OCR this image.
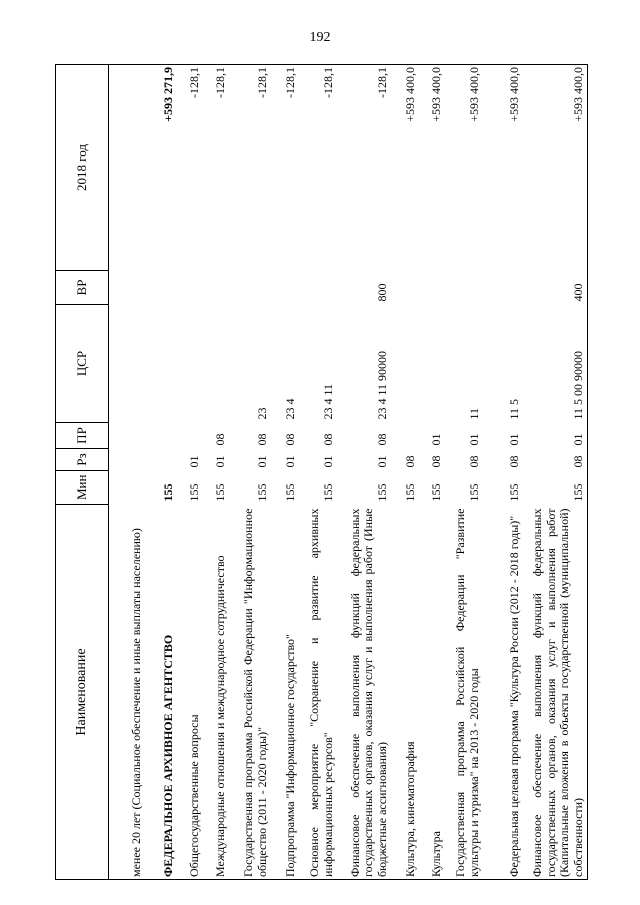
192
Наименование	Мин	Рз	ПР	ЦСР	ВР	2018 год
менее 20 лет (Социальное обеспечение и иные выплаты населению)						
ФЕДЕРАЛЬНОЕ АРХИВНОЕ АГЕНТСТВО	155					+593 271,9
Общегосударственные вопросы	155	01				-128,1
Международные отношения и международное сотрудничество	155	01	08			-128,1
Государственная программа Российской Федерации "Информационное общество (2011 - 2020 годы)"	155	01	08	23		-128,1
Подпрограмма "Информационное государство"	155	01	08	23 4		-128,1
Основное мероприятие "Сохранение и развитие архивных информационных ресурсов"	155	01	08	23 4 11		-128,1
Финансовое обеспечение выполнения функций федеральных государственных органов, оказания услуг и выполнения работ (Иные бюджетные ассигнования)	155	01	08	23 4 11 90000	800	-128,1
Культура, кинематография	155	08				+593 400,0
Культура	155	08	01			+593 400,0
Государственная программа Российской Федерации "Развитие культуры и туризма" на 2013 - 2020 годы	155	08	01	11		+593 400,0
Федеральная целевая программа "Культура России (2012 - 2018 годы)"	155	08	01	11 5		+593 400,0
Финансовое обеспечение выполнения функций федеральных государственных органов, оказания услуг и выполнения работ (Капитальные вложения в объекты государственной (муниципальной) собственности)	155	08	01	11 5 00 90000	400	+593 400,0
